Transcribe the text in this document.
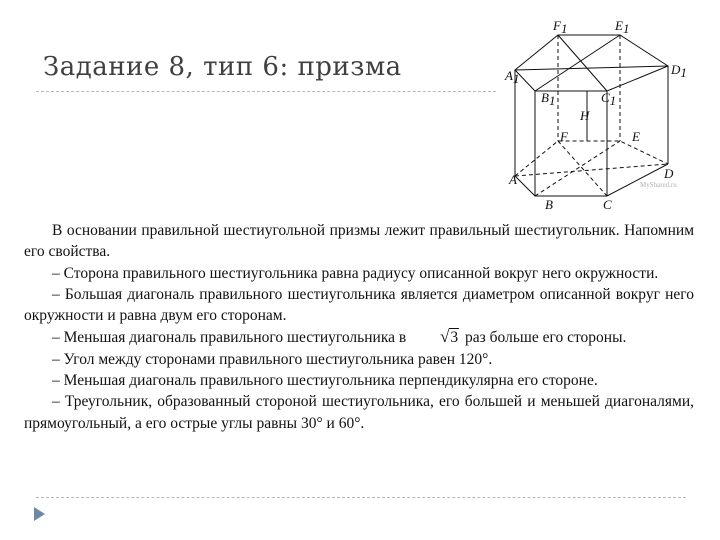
Задание 8, тип 6: призма
F1	E1
D1
A1
B1	C1
H
F	E
D
A
B	C
MyShared.ru

В основании правильной шестиугольной призмы лежит правильный шестиугольник. Напомним его свойства.

– Сторона правильного шестиугольника равна радиусу описанной вокруг него окружности.

– Большая диагональ правильного шестиугольника является диаметром описанной вокруг него окружности и равна двум его сторонам.

– Меньшая диагональ правильного шестиугольника в √3 раз больше его стороны.

– Угол между сторонами правильного шестиугольника равен 120°.

– Меньшая диагональ правильного шестиугольника перпендикулярна его стороне.

– Треугольник, образованный стороной шестиугольника, его большей и меньшей диагоналями, прямоугольный, а его острые углы равны 30° и 60°.
